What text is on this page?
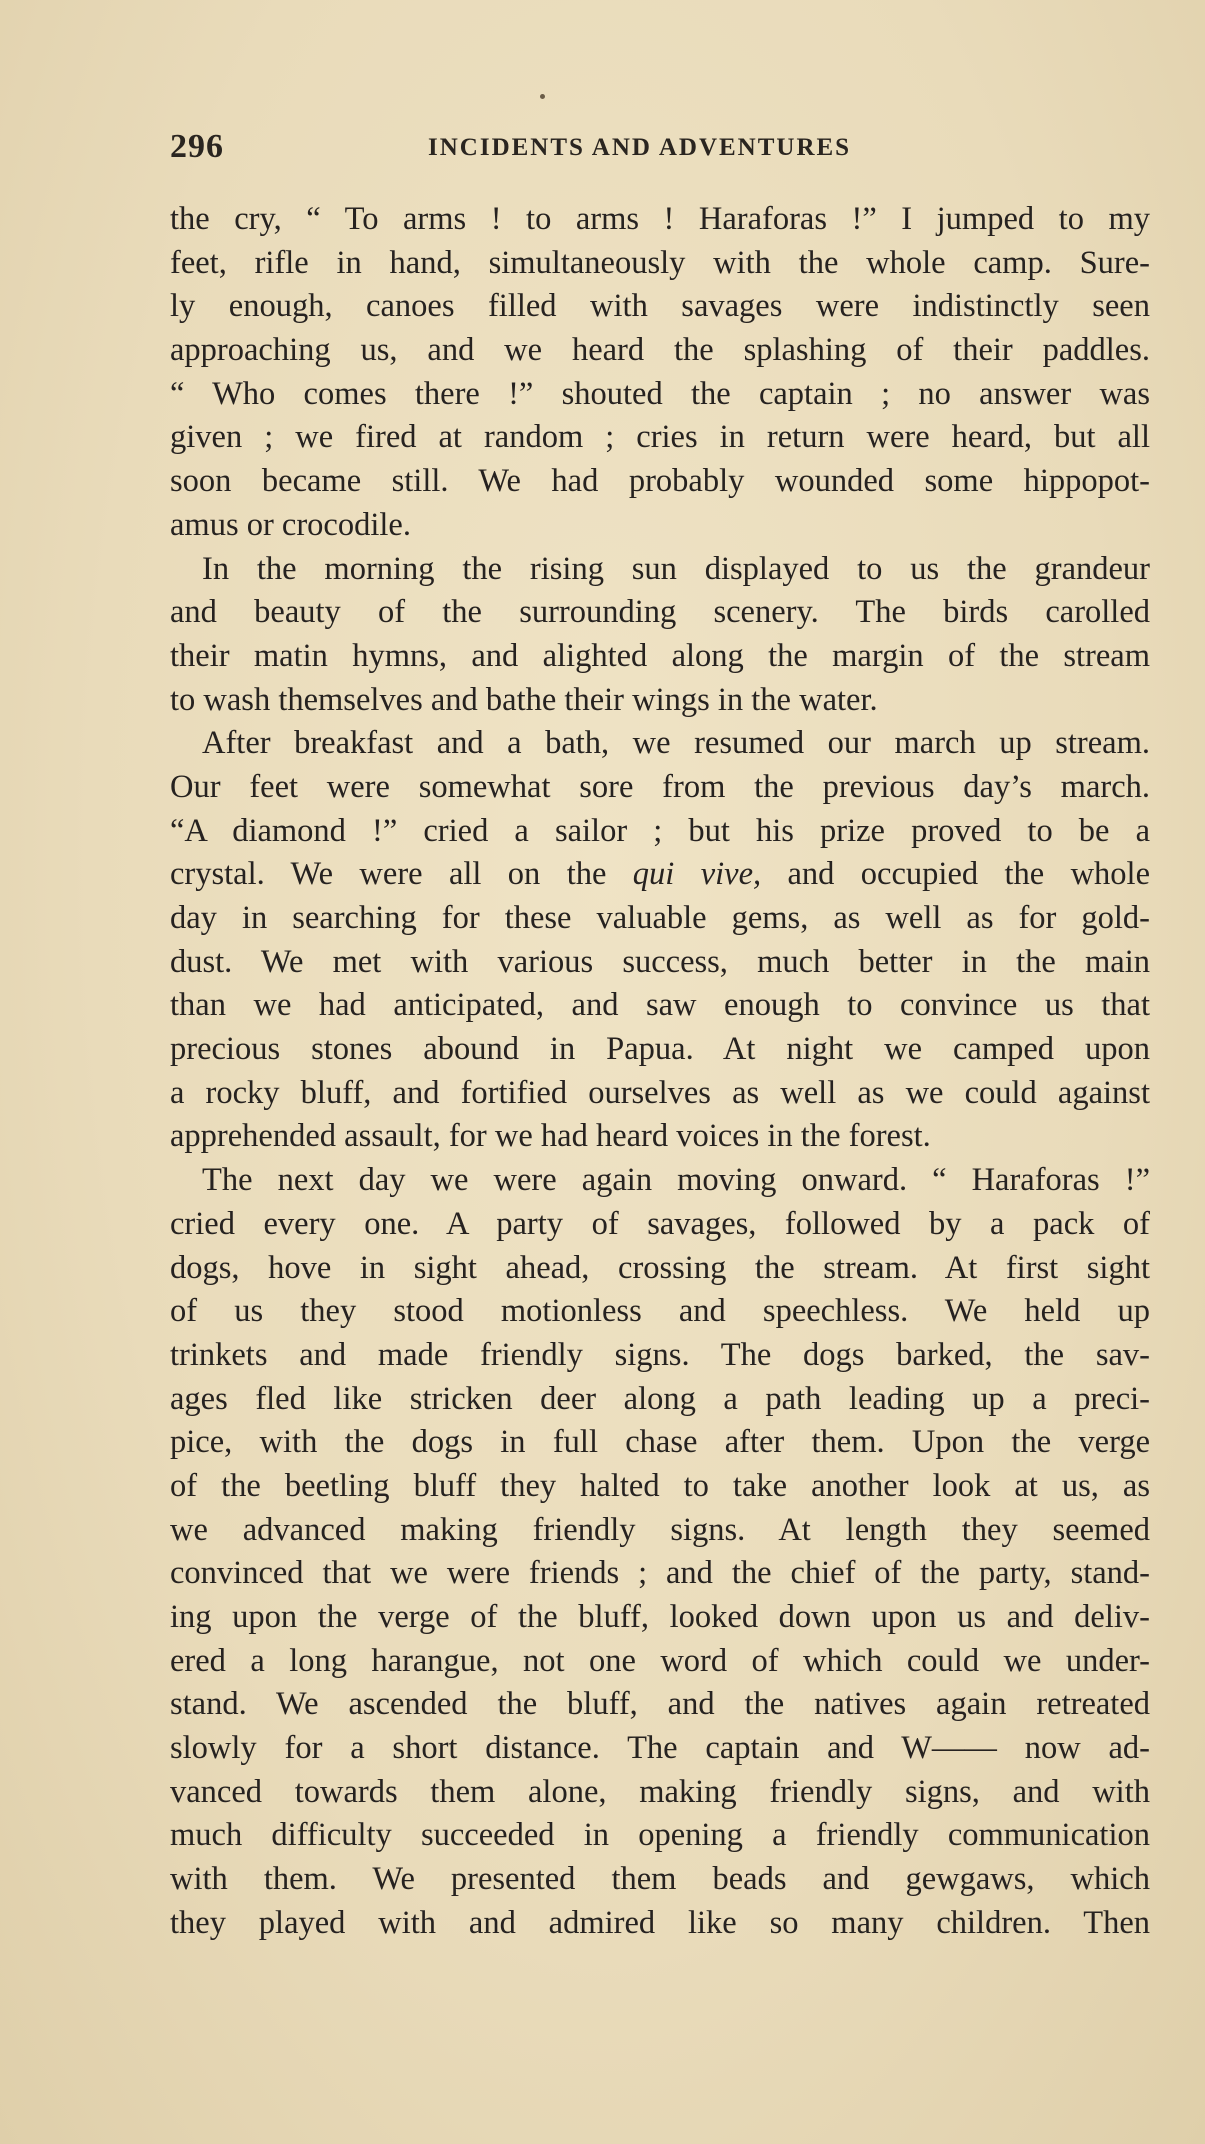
296	INCIDENTS AND ADVENTURES
the cry, “ To arms ! to arms ! Haraforas !” I jumped to my
feet, rifle in hand, simultaneously with the whole camp. Sure-
ly enough, canoes filled with savages were indistinctly seen
approaching us, and we heard the splashing of their paddles.
“ Who comes there !” shouted the captain ; no answer was
given ; we fired at random ; cries in return were heard, but all
soon became still. We had probably wounded some hippopot-
amus or crocodile.
In the morning the rising sun displayed to us the grandeur
and beauty of the surrounding scenery. The birds carolled
their matin hymns, and alighted along the margin of the stream
to wash themselves and bathe their wings in the water.
After breakfast and a bath, we resumed our march up stream.
Our feet were somewhat sore from the previous day’s march.
“A diamond !” cried a sailor ; but his prize proved to be a
crystal. We were all on the qui vive, and occupied the whole
day in searching for these valuable gems, as well as for gold-
dust. We met with various success, much better in the main
than we had anticipated, and saw enough to convince us that
precious stones abound in Papua. At night we camped upon
a rocky bluff, and fortified ourselves as well as we could against
apprehended assault, for we had heard voices in the forest.
The next day we were again moving onward. “ Haraforas !”
cried every one. A party of savages, followed by a pack of
dogs, hove in sight ahead, crossing the stream. At first sight
of us they stood motionless and speechless. We held up
trinkets and made friendly signs. The dogs barked, the sav-
ages fled like stricken deer along a path leading up a preci-
pice, with the dogs in full chase after them. Upon the verge
of the beetling bluff they halted to take another look at us, as
we advanced making friendly signs. At length they seemed
convinced that we were friends ; and the chief of the party, stand-
ing upon the verge of the bluff, looked down upon us and deliv-
ered a long harangue, not one word of which could we under-
stand. We ascended the bluff, and the natives again retreated
slowly for a short distance. The captain and W—— now ad-
vanced towards them alone, making friendly signs, and with
much difficulty succeeded in opening a friendly communication
with them. We presented them beads and gewgaws, which
they played with and admired like so many children. Then
